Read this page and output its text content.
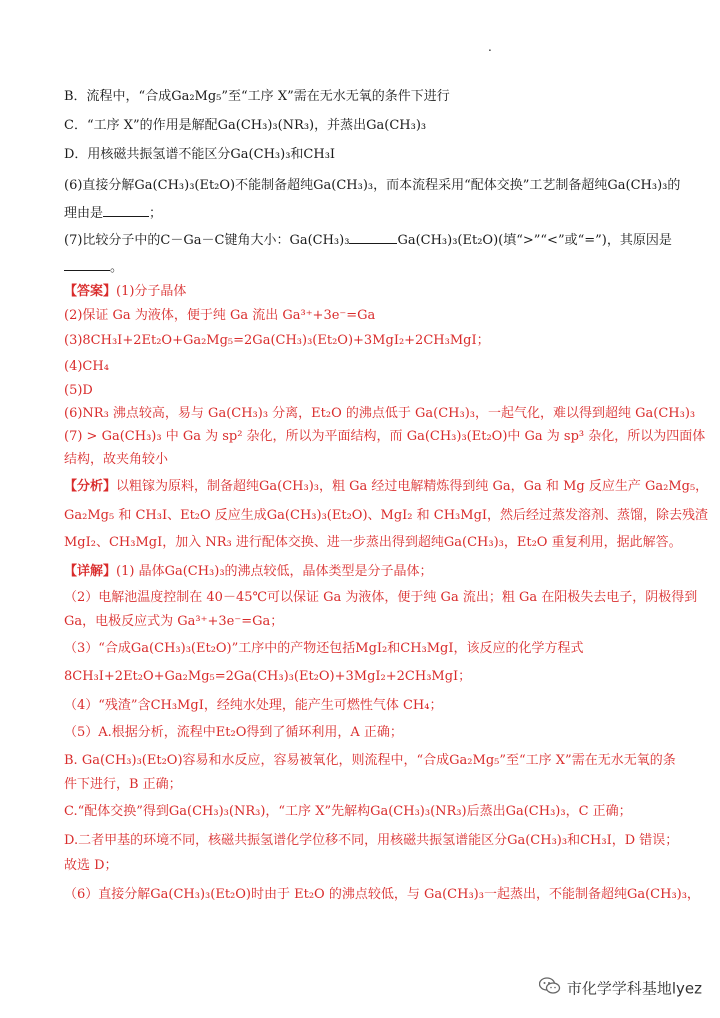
.
B．流程中，“合成Ga₂Mg₅”至“工序 X”需在无水无氧的条件下进行
C．“工序 X”的作用是解配Ga(CH₃)₃(NR₃)，并蒸出Ga(CH₃)₃
D．用核磁共振氢谱不能区分Ga(CH₃)₃和CH₃I
(6)直接分解Ga(CH₃)₃(Et₂O)不能制备超纯Ga(CH₃)₃，而本流程采用“配体交换”工艺制备超纯Ga(CH₃)₃的
理由是	；
(7)比较分子中的C－Ga－C键角大小：Ga(CH₃)₃	Ga(CH₃)₃(Et₂O)(填“>”“<”或“=”)，其原因是
。
【答案】(1)分子晶体
(2)保证 Ga 为液体，便于纯 Ga 流出 Ga³⁺+3e⁻=Ga
(3)8CH₃I+2Et₂O+Ga₂Mg₅=2Ga(CH₃)₃(Et₂O)+3MgI₂+2CH₃MgI；
(4)CH₄
(5)D
(6)NR₃ 沸点较高，易与 Ga(CH₃)₃ 分离，Et₂O 的沸点低于 Ga(CH₃)₃，一起气化，难以得到超纯 Ga(CH₃)₃
(7) > Ga(CH₃)₃ 中 Ga 为 sp² 杂化，所以为平面结构，而 Ga(CH₃)₃(Et₂O)中 Ga 为 sp³ 杂化，所以为四面体
结构，故夹角较小
【分析】以粗镓为原料，制备超纯Ga(CH₃)₃，粗 Ga 经过电解精炼得到纯 Ga，Ga 和 Mg 反应生产 Ga₂Mg₅，
Ga₂Mg₅ 和 CH₃I、Et₂O 反应生成Ga(CH₃)₃(Et₂O)、MgI₂ 和 CH₃MgI，然后经过蒸发溶剂、蒸馏，除去残渣
MgI₂、CH₃MgI，加入 NR₃ 进行配体交换、进一步蒸出得到超纯Ga(CH₃)₃，Et₂O 重复利用，据此解答。
【详解】(1) 晶体Ga(CH₃)₃的沸点较低，晶体类型是分子晶体；
（2）电解池温度控制在 40－45℃可以保证 Ga 为液体，便于纯 Ga 流出；粗 Ga 在阳极失去电子，阴极得到
Ga，电极反应式为 Ga³⁺+3e⁻=Ga；
（3）“合成Ga(CH₃)₃(Et₂O)”工序中的产物还包括MgI₂和CH₃MgI，该反应的化学方程式
8CH₃I+2Et₂O+Ga₂Mg₅=2Ga(CH₃)₃(Et₂O)+3MgI₂+2CH₃MgI；
（4）“残渣”含CH₃MgI，经纯水处理，能产生可燃性气体 CH₄；
（5）A.根据分析，流程中Et₂O得到了循环利用，A 正确；
B. Ga(CH₃)₃(Et₂O)容易和水反应，容易被氧化，则流程中，“合成Ga₂Mg₅”至“工序 X”需在无水无氧的条
件下进行，B 正确；
C.“配体交换”得到Ga(CH₃)₃(NR₃)，“工序 X”先解构Ga(CH₃)₃(NR₃)后蒸出Ga(CH₃)₃，C 正确；
D.二者甲基的环境不同，核磁共振氢谱化学位移不同，用核磁共振氢谱能区分Ga(CH₃)₃和CH₃I，D 错误；
故选 D；
（6）直接分解Ga(CH₃)₃(Et₂O)时由于 Et₂O 的沸点较低，与 Ga(CH₃)₃一起蒸出，不能制备超纯Ga(CH₃)₃，
市化学学科基地lyez
